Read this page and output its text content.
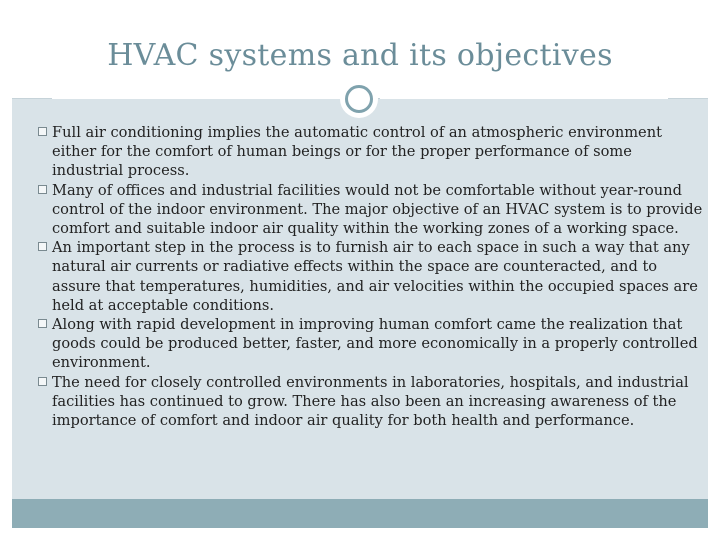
HVAC systems and its objectives
Full air conditioning implies the automatic control of an atmospheric environment either for the comfort of human beings or for the proper performance of some industrial process.
Many of offices and industrial facilities would not be comfortable without year-round control of the indoor environment. The major objective of an HVAC system is to provide comfort and suitable indoor air quality within the working zones of a working space.
An important step in the process is to furnish air to each space in such a way that any natural air currents or radiative effects within the space are counteracted, and to assure that temperatures, humidities, and air velocities within the occupied spaces are held at acceptable conditions.
Along with rapid development in improving human comfort came the realization that goods could be produced better, faster, and more economically in a properly controlled environment.
The need for closely controlled environments in laboratories, hospitals, and industrial facilities has continued to grow. There has also been an increasing awareness of the importance of comfort and indoor air quality for both health and performance.
